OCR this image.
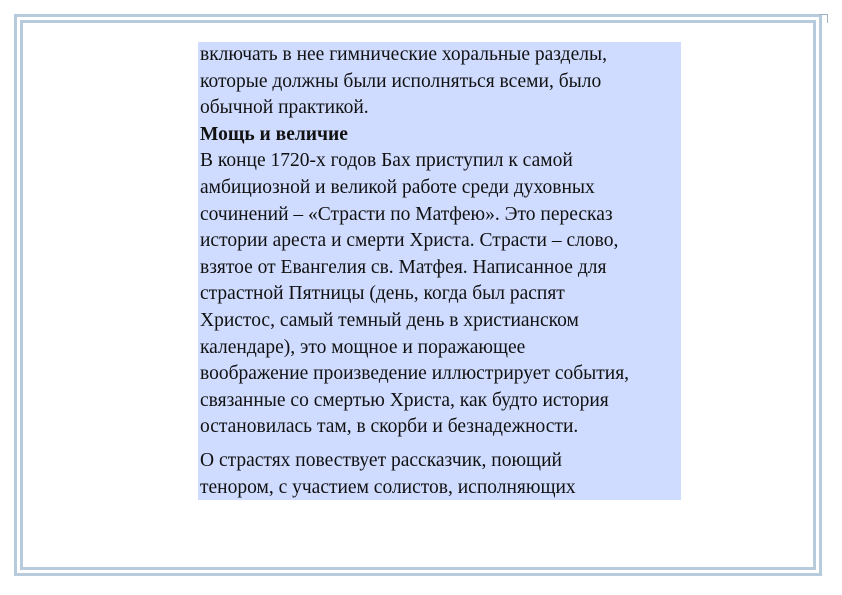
включать в нее гимнические хоральные разделы,

которые должны были исполняться всеми, было

обычной практикой.

Мощь и величие

В конце 1720-х годов Бах приступил к самой

амбициозной и великой работе среди духовных

сочинений – «Страсти по Матфею». Это пересказ

истории ареста и смерти Христа. Страсти – слово,

взятое от Евангелия св. Матфея. Написанное для

страстной Пятницы (день, когда был распят

Христос, самый темный день в христианском

календаре), это мощное и поражающее

воображение произведение иллюстрирует события,

связанные со смертью Христа, как будто история

остановилась там, в скорби и безнадежности.

О страстях повествует рассказчик, поющий

тенором, с участием солистов, исполняющих
